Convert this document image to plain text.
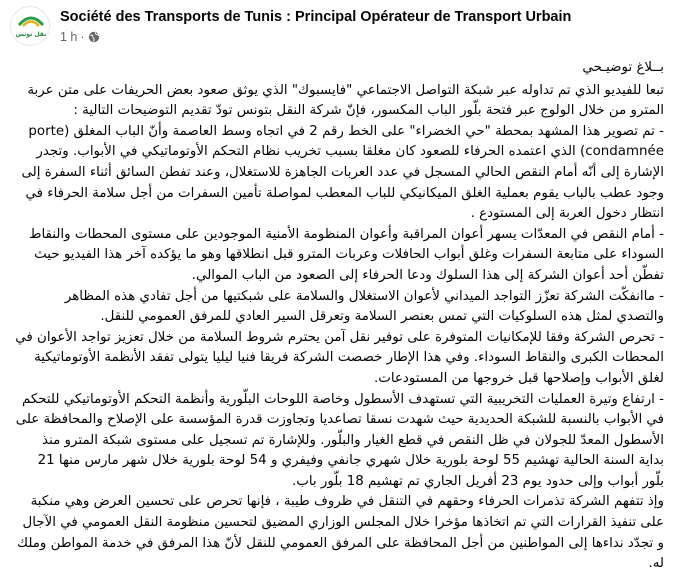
نقل تونس
Société des Transports de Tunis : Principal Opérateur de Transport Urbain
1 h ·

بــلاغ توضيـحي

تبعا للفيديو الذي تم تداوله عبر شبكة التواصل الاجتماعي "فايسبوك" الذي يوثق صعود بعض الحريفات على متن عربة المترو من خلال الولوج عبر فتحة بلّور الباب المكسور، فإنّ شركة النقل بتونس تودّ تقديم التوضيحات التالية :

- تم تصوير هذا المشهد بمحطة "حي الخضراء" على الخط رقم 2 في اتجاه وسط العاصمة وأنّ الباب المغلق (porte condamnée) الذي اعتمده الحرفاء للصعود كان مغلقا بسبب تخريب نظام التحكم الأوتوماتيكي في الأبواب. وتجدر الإشارة إلى أنّه أمام النقص الحالي المسجل في عدد العربات الجاهزة للاستغلال، وعند تفطن السائق أثناء السفرة إلى وجود عطب بالباب يقوم بعملية الغلق الميكانيكي للباب المعطب لمواصلة تأمين السفرات من أجل سلامة الحرفاء في انتظار دخول العربة إلى المستودع .

- أمام النقص في المعدّات يسهر أعوان المراقبة وأعوان المنظومة الأمنية الموجودين على مستوى المحطات والنقاط السوداء على متابعة السفرات وغلق أبواب الحافلات وعربات المترو قبل انطلاقها وهو ما يؤكده آخر هذا الفيديو حيث تفطّن أحد أعوان الشركة إلى هذا السلوك ودعا الحرفاء إلى الصعود من الباب الموالي.

- ماانفكّت الشركة تعزّز التواجد الميداني لأعوان الاستغلال والسلامة على شبكتيها من أجل تفادي هذه المظاهر والتصدي لمثل هذه السلوكيات التي تمس بعنصر السلامة وتعرقل السير العادي للمرفق العمومي للنقل.

- تحرص الشركة وفقا للإمكانيات المتوفرة على توفير نقل آمن يحترم شروط السلامة من خلال تعزيز تواجد الأعوان في المحطات الكبرى والنقاط السوداء. وفي هذا الإطار خصصت الشركة فريقا فنيا ليليا يتولى تفقد الأنظمة الأوتوماتيكية لغلق الأبواب وإصلاحها قبل خروجها من المستودعات.

- ارتفاع وتيرة العمليات التخريبية التي تستهدف الأسطول وخاصة اللوحات البلّورية وأنظمة التحكم الأوتوماتيكي للتحكم في الأبواب بالنسبة للشبكة الحديدية حيث شهدت نسقا تصاعديا وتجاوزت قدرة المؤسسة على الإصلاح والمحافظة على الأسطول المعدّ للجولان في ظل النقص في قطع الغيار والبلّور. وللإشارة تم تسجيل على مستوى شبكة المترو منذ بداية السنة الحالية تهشيم 55 لوحة بلورية خلال شهري جانفي وفيفري و 54 لوحة بلورية خلال شهر مارس منها 21 بلّور أبواب وإلى حدود يوم 23 أفريل الجاري تم تهشيم 18 بلّور باب.

وإذ تتفهم الشركة تذمرات الحرفاء وحقهم في التنقل في ظروف طيبة ، فإنها تحرص على تحسين العرض وهي منكبة على تنفيذ القرارات التي تم اتخاذها مؤخرا خلال المجلس الوزاري المضيق لتحسين منظومة النقل العمومي في الآجال و تجدّد نداءها إلى المواطنين من أجل المحافظة على المرفق العمومي للنقل لأنّ هذا المرفق في خدمة المواطن وملك له.
